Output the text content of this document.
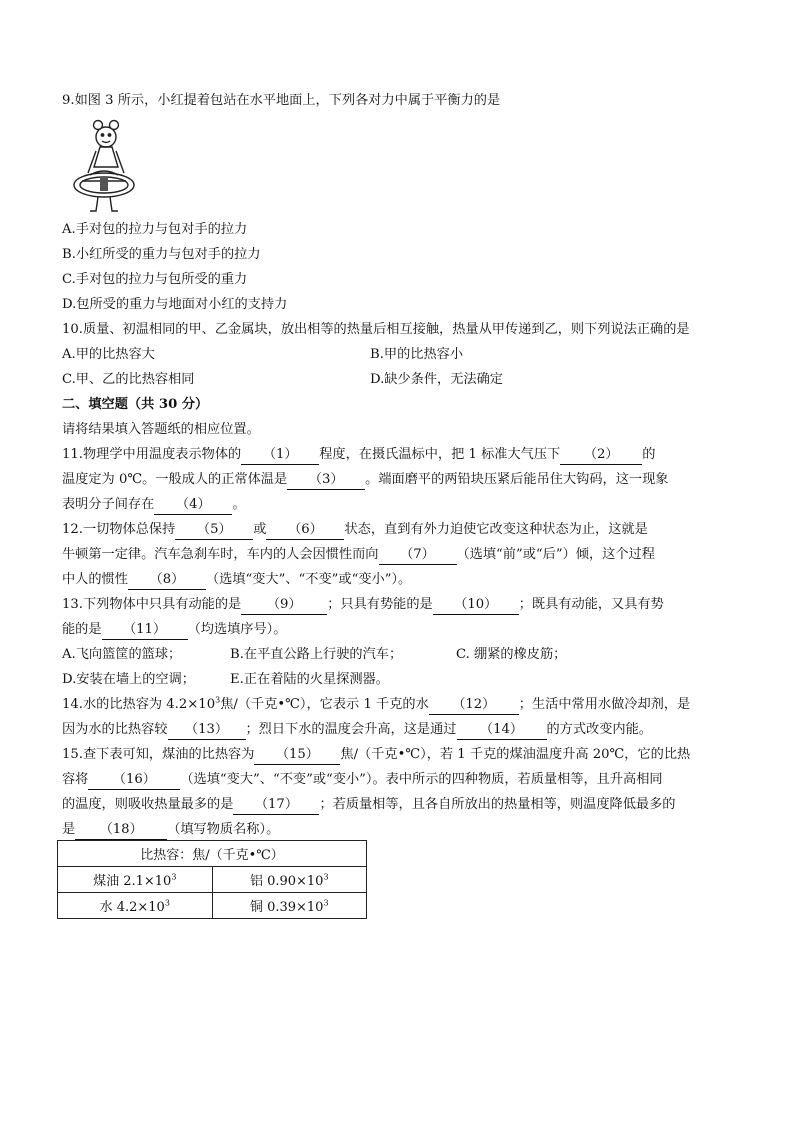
9.如图 3 所示，小红提着包站在水平地面上，下列各对力中属于平衡力的是
A.手对包的拉力与包对手的拉力
B.小红所受的重力与包对手的拉力
C.手对包的拉力与包所受的重力
D.包所受的重力与地面对小红的支持力
10.质量、初温相同的甲、乙金属块，放出相等的热量后相互接触，热量从甲传递到乙，则下列说法正确的是
A.甲的比热容大	B.甲的比热容小
C.甲、乙的比热容相同	D.缺少条件，无法确定
二、填空题（共 30 分）
请将结果填入答题纸的相应位置。
11.物理学中用温度表示物体的 （1） 程度，在摄氏温标中，把 1 标准大气压下 （2） 的
温度定为 0℃。一般成人的正常体温是 （3） 。端面磨平的两铅块压紧后能吊住大钩码，这一现象
表明分子间存在 （4） 。
12.一切物体总保持 （5） 或 （6） 状态，直到有外力迫使它改变这种状态为止，这就是
牛顿第一定律。汽车急刹车时，车内的人会因惯性而向 （7） （选填“前”或“后”）倾，这个过程
中人的惯性 （8） （选填“变大”、“不变”或“变小”）。
13.下列物体中只具有动能的是 （9） ；只具有势能的是 （10） ；既具有动能，又具有势
能的是 （11） （均选填序号）。
A.飞向篮筐的篮球；	B.在平直公路上行驶的汽车；	C. 绷紧的橡皮筋；
D.安装在墙上的空调；	E.正在着陆的火星探测器。
14.水的比热容为 $4.2\times 10^3$焦/（千克•℃），它表示 1 千克的水 （12） ；生活中常用水做冷却剂，是
因为水的比热容较 （13） ；烈日下水的温度会升高，这是通过 （14） 的方式改变内能。
15.查下表可知，煤油的比热容为 （15） 焦/（千克•℃），若 1 千克的煤油温度升高 20℃，它的比热
容将 （16） （选填“变大”、“不变”或“变小”）。表中所示的四种物质，若质量相等，且升高相同
的温度，则吸收热量最多的是 （17） ；若质量相等，且各自所放出的热量相等，则温度降低最多的
是 （18） （填写物质名称）。
比热容：焦/（千克•℃）	
煤油 $2.1\times 10^3$	铝 $0.90\times 10^3$
水 $4.2\times 10^3$	铜 $0.39\times 10^3$
